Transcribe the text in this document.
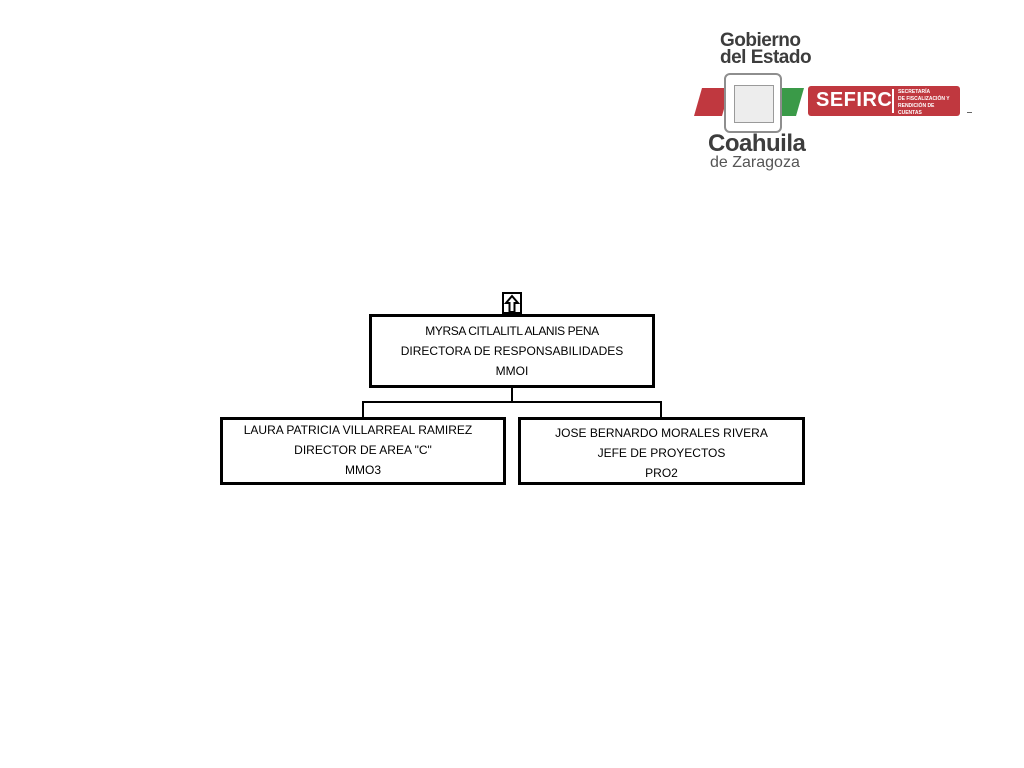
Gobierno
del Estado
SEFIRC SECRETARÍA
DE FISCALIZACIÓN Y
RENDICIÓN DE CUENTAS
Coahuila
de Zaragoza
MYRSA CITLALITL ALANIS PENA
DIRECTORA DE RESPONSABILIDADES
MMOI
LAURA PATRICIA VILLARREAL RAMIREZ
DIRECTOR DE AREA "C"
MMO3
JOSE BERNARDO MORALES RIVERA
JEFE DE PROYECTOS
PRO2
